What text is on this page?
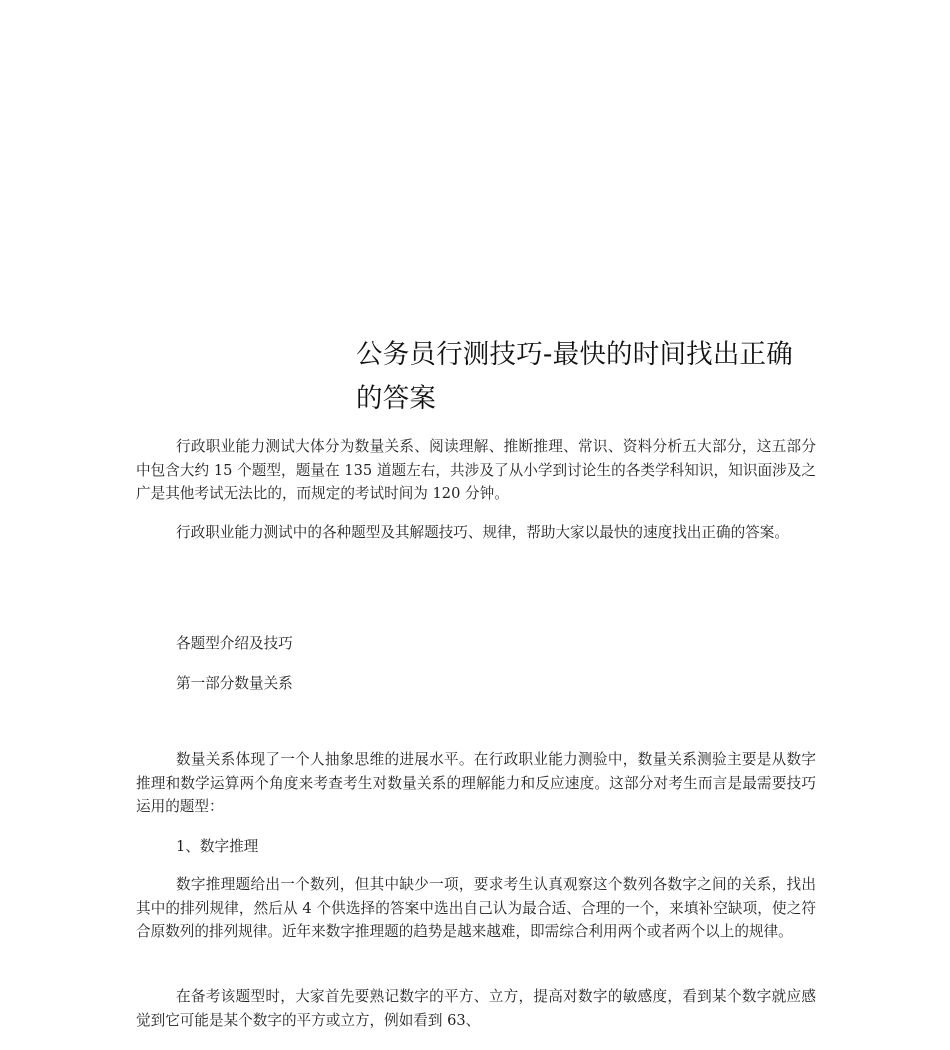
公务员行测技巧-最快的时间找出正确的答案

行政职业能力测试大体分为数量关系、阅读理解、推断推理、常识、资料分析五大部分，这五部分中包含大约 15 个题型，题量在 135 道题左右，共涉及了从小学到讨论生的各类学科知识，知识面涉及之广是其他考试无法比的，而规定的考试时间为 120 分钟。

行政职业能力测试中的各种题型及其解题技巧、规律，帮助大家以最快的速度找出正确的答案。

各题型介绍及技巧

第一部分数量关系

数量关系体现了一个人抽象思维的进展水平。在行政职业能力测验中，数量关系测验主要是从数字推理和数学运算两个角度来考查考生对数量关系的理解能力和反应速度。这部分对考生而言是最需要技巧运用的题型：

1、数字推理

数字推理题给出一个数列，但其中缺少一项，要求考生认真观察这个数列各数字之间的关系，找出其中的排列规律，然后从 4 个供选择的答案中选出自己认为最合适、合理的一个，来填补空缺项，使之符合原数列的排列规律。近年来数字推理题的趋势是越来越难，即需综合利用两个或者两个以上的规律。

在备考该题型时，大家首先要熟记数字的平方、立方，提高对数字的敏感度，看到某个数字就应感觉到它可能是某个数字的平方或立方，例如看到 63、
